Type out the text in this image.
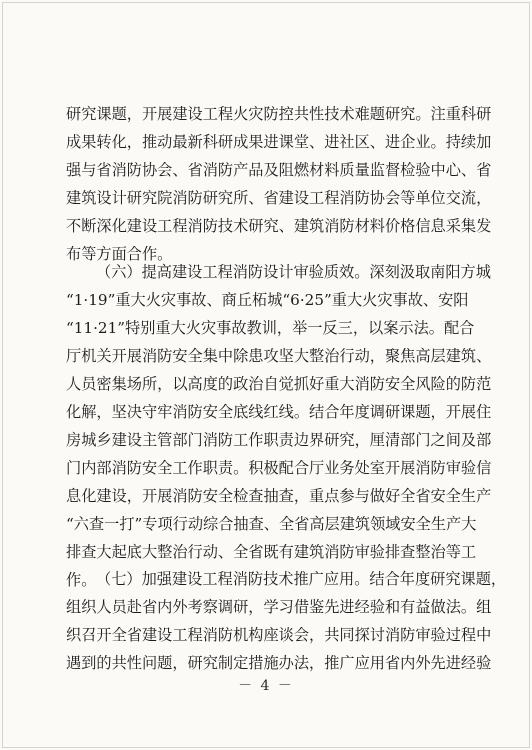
研究课题，开展建设工程火灾防控共性技术难题研究。注重科研
成果转化，推动最新科研成果进课堂、进社区、进企业。持续加
强与省消防协会、省消防产品及阻燃材料质量监督检验中心、省
建筑设计研究院消防研究所、省建设工程消防协会等单位交流，
不断深化建设工程消防技术研究、建筑消防材料价格信息采集发
布等方面合作。
（六）提高建设工程消防设计审验质效。深刻汲取南阳方城
“1·19”重大火灾事故、商丘柘城“6·25”重大火灾事故、安阳
“11·21”特别重大火灾事故教训，举一反三，以案示法。配合
厅机关开展消防安全集中除患攻坚大整治行动，聚焦高层建筑、
人员密集场所，以高度的政治自觉抓好重大消防安全风险的防范
化解，坚决守牢消防安全底线红线。结合年度调研课题，开展住
房城乡建设主管部门消防工作职责边界研究，厘清部门之间及部
门内部消防安全工作职责。积极配合厅业务处室开展消防审验信
息化建设，开展消防安全检查抽查，重点参与做好全省安全生产
“六查一打”专项行动综合抽查、全省高层建筑领域安全生产大
排查大起底大整治行动、全省既有建筑消防审验排查整治等工
作。 （七）加强建设工程消防技术推广应用。结合年度研究课题，
组织人员赴省内外考察调研，学习借鉴先进经验和有益做法。组
织召开全省建设工程消防机构座谈会，共同探讨消防审验过程中
遇到的共性问题，研究制定措施办法，推广应用省内外先进经验
－ 4 －
